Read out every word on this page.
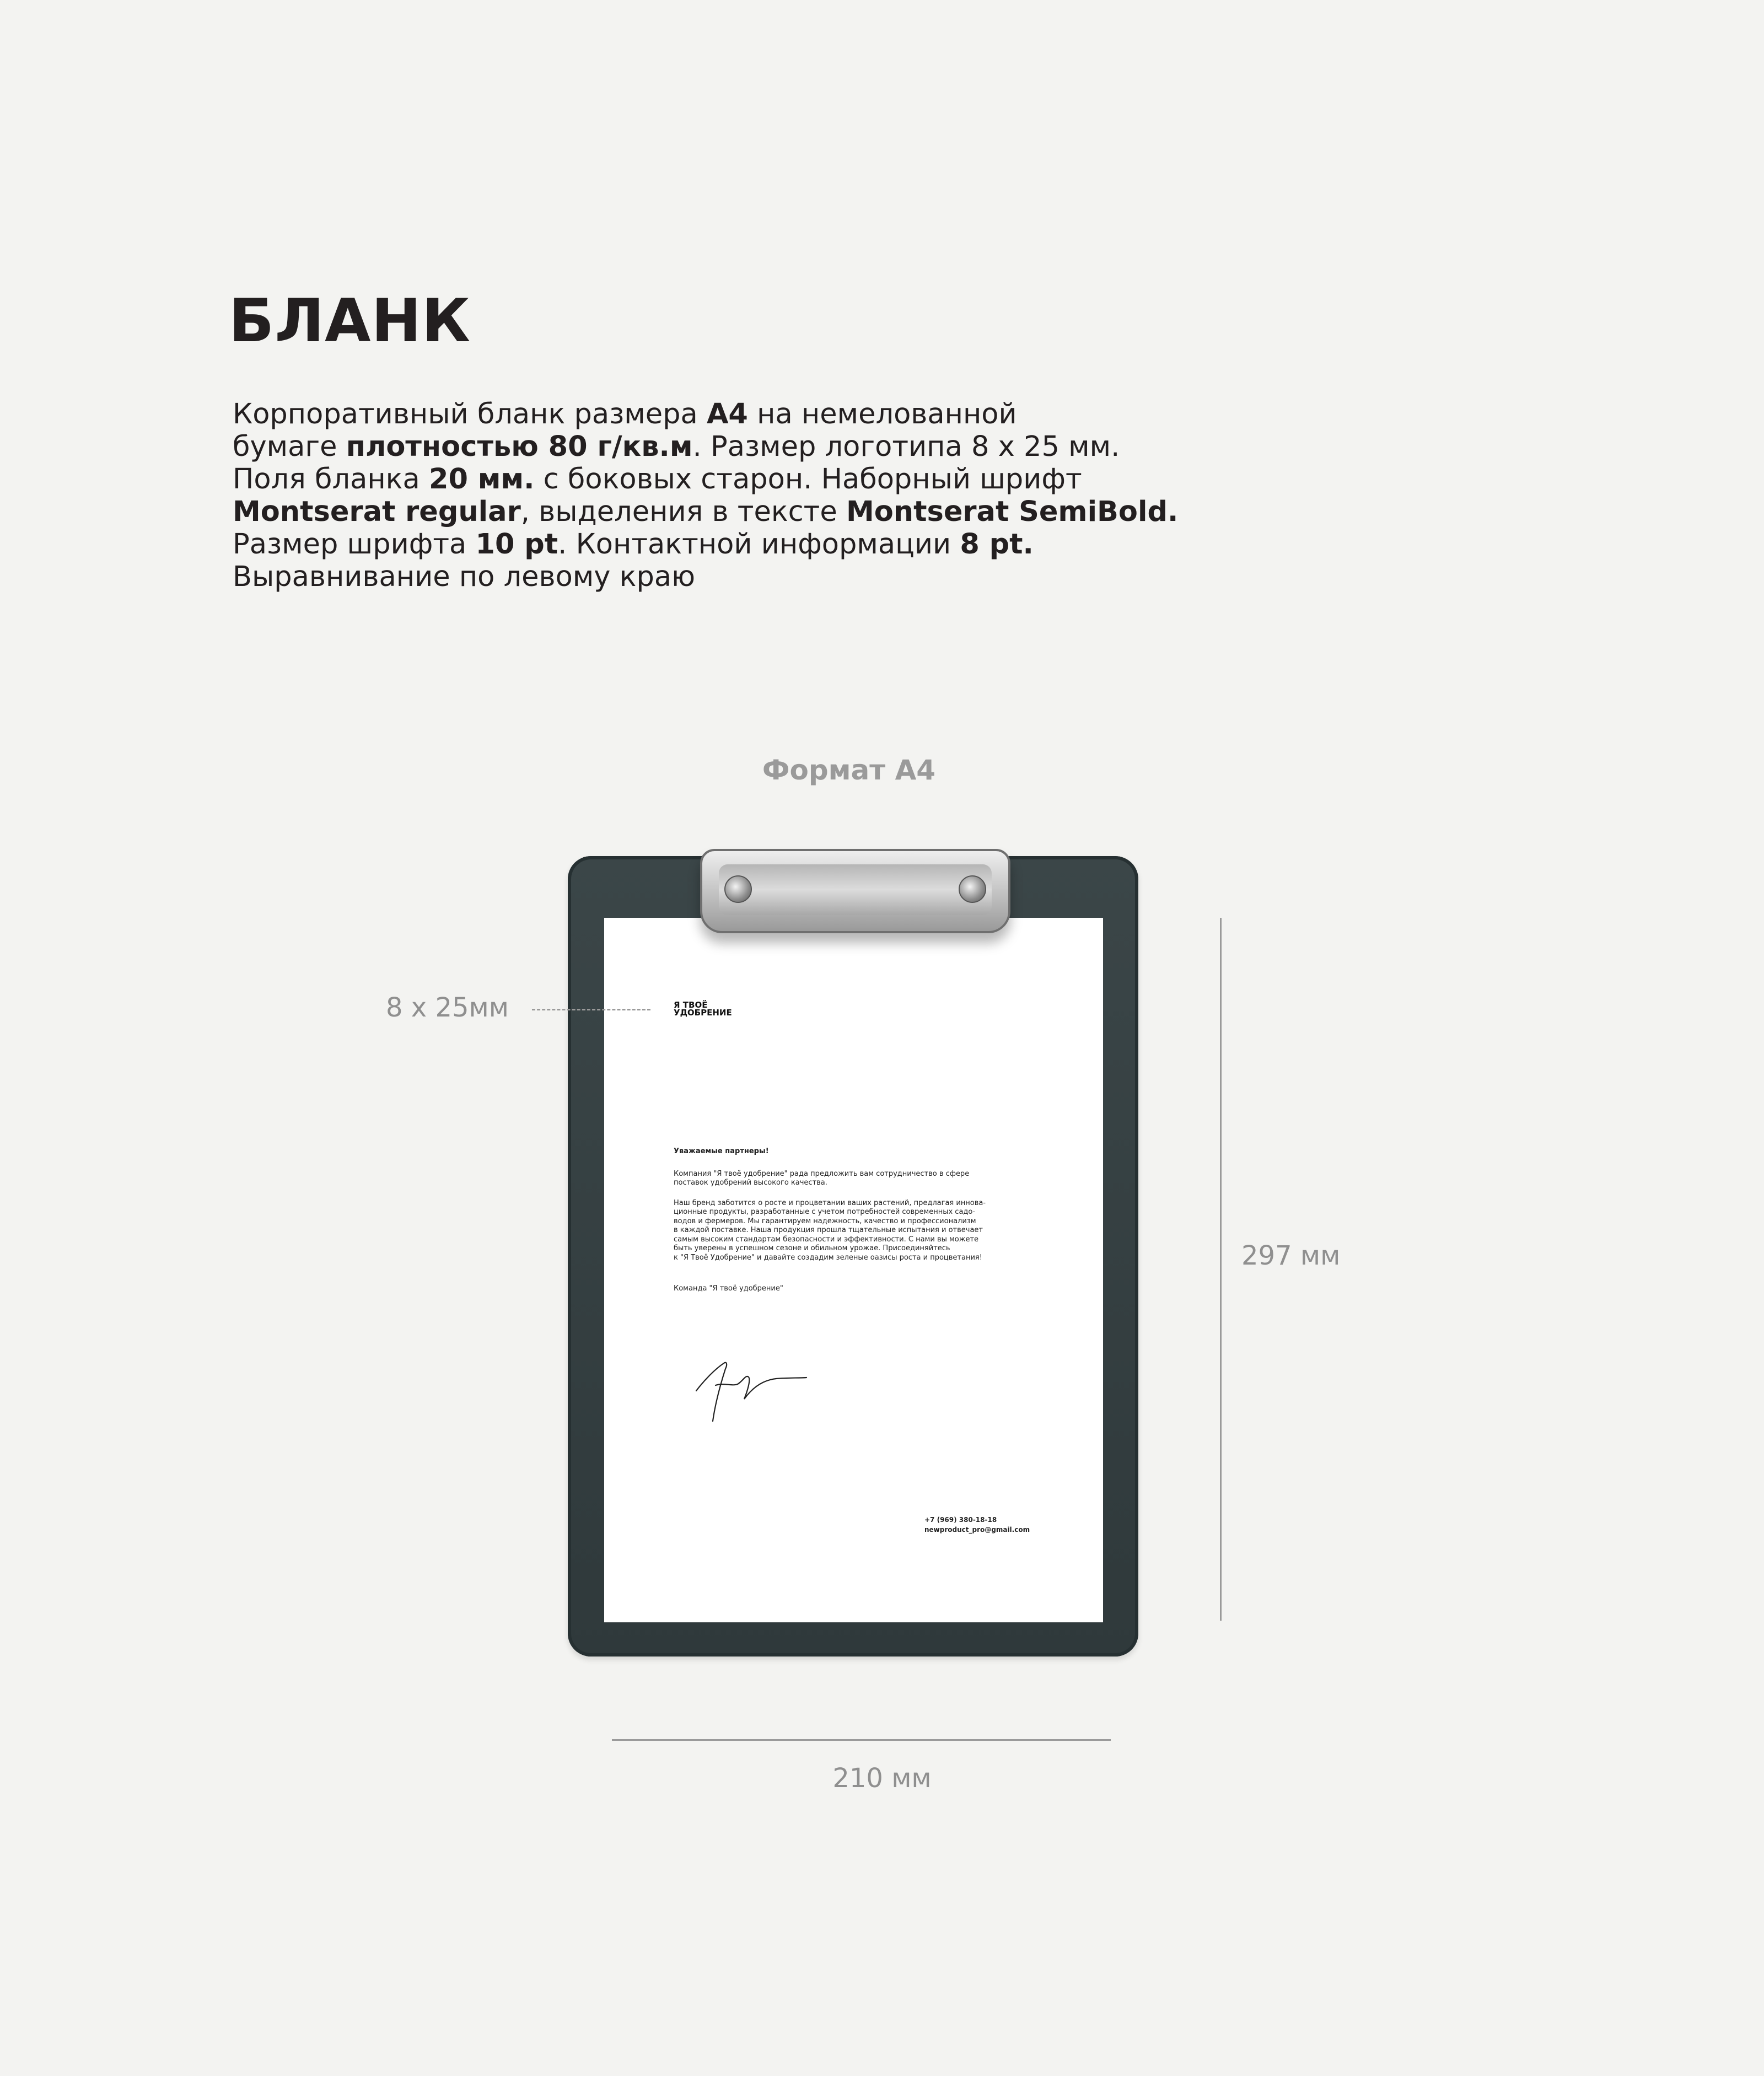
БЛАНК
Корпоративный бланк размера А4 на немелованной
бумаге плотностью 80 г/кв.м. Размер логотипа 8 х 25 мм.
Поля бланка 20 мм. с боковых старон. Наборный шрифт
Montserat regular, выделения в тексте Montserat SemiBold.
Размер шрифта 10 pt. Контактной информации 8 pt.
Выравнивание по левому краю
Формат А4
Я ТВОЁ
УДОБРЕНИЕ
Уважаемые партнеры!
Компания "Я твоё удобрение" рада предложить вам сотрудничество в сфере
поставок удобрений высокого качества.
Наш бренд заботится о росте и процветании ваших растений, предлагая иннова-
ционные продукты, разработанные с учетом потребностей современных садо-
водов и фермеров. Мы гарантируем надежность, качество и профессионализм
в каждой поставке. Наша продукция прошла тщательные испытания и отвечает
самым высоким стандартам безопасности и эффективности. С нами вы можете
быть уверены в успешном сезоне и обильном урожае. Присоединяйтесь
к "Я Твоё Удобрение" и давайте создадим зеленые оазисы роста и процветания!
Команда "Я твоё удобрение"
+7 (969) 380-18-18
newproduct_pro@gmail.com
8 х 25мм
297 мм
210 мм
